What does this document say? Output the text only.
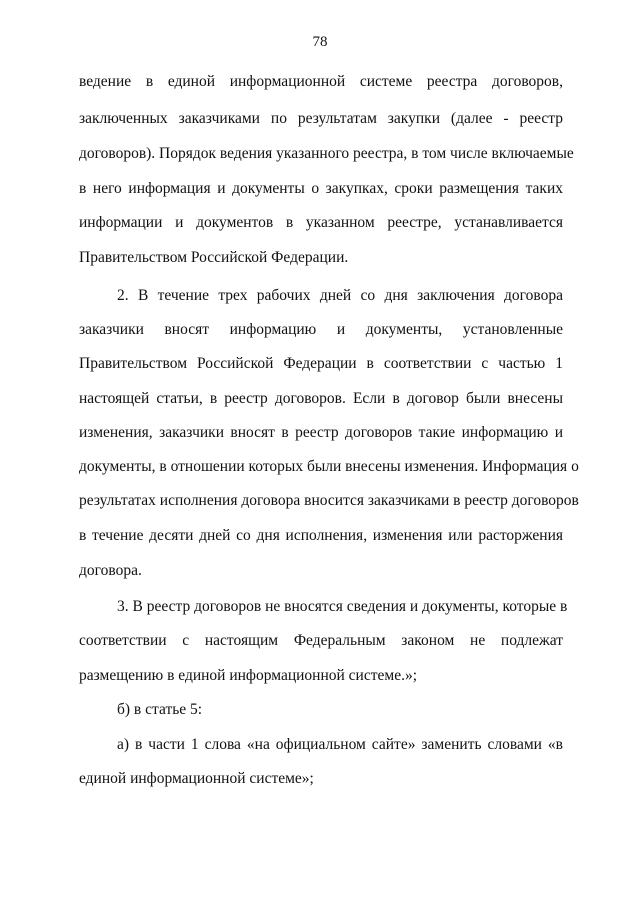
78
ведение в единой информационной системе реестра договоров,
заключенных заказчиками по результатам закупки (далее - реестр
договоров). Порядок ведения указанного реестра, в том числе включаемые
в него информация и документы о закупках, сроки размещения таких
информации и документов в указанном реестре, устанавливается
Правительством Российской Федерации.
2. В течение трех рабочих дней со дня заключения договора
заказчики вносят информацию и документы, установленные
Правительством Российской Федерации в соответствии с частью 1
настоящей статьи, в реестр договоров. Если в договор были внесены
изменения, заказчики вносят в реестр договоров такие информацию и
документы, в отношении которых были внесены изменения. Информация о
результатах исполнения договора вносится заказчиками в реестр договоров
в течение десяти дней со дня исполнения, изменения или расторжения
договора.
3. В реестр договоров не вносятся сведения и документы, которые в
соответствии с настоящим Федеральным законом не подлежат
размещению в единой информационной системе.»;
б) в статье 5:
а) в части 1 слова «на официальном сайте» заменить словами «в
единой информационной системе»;
